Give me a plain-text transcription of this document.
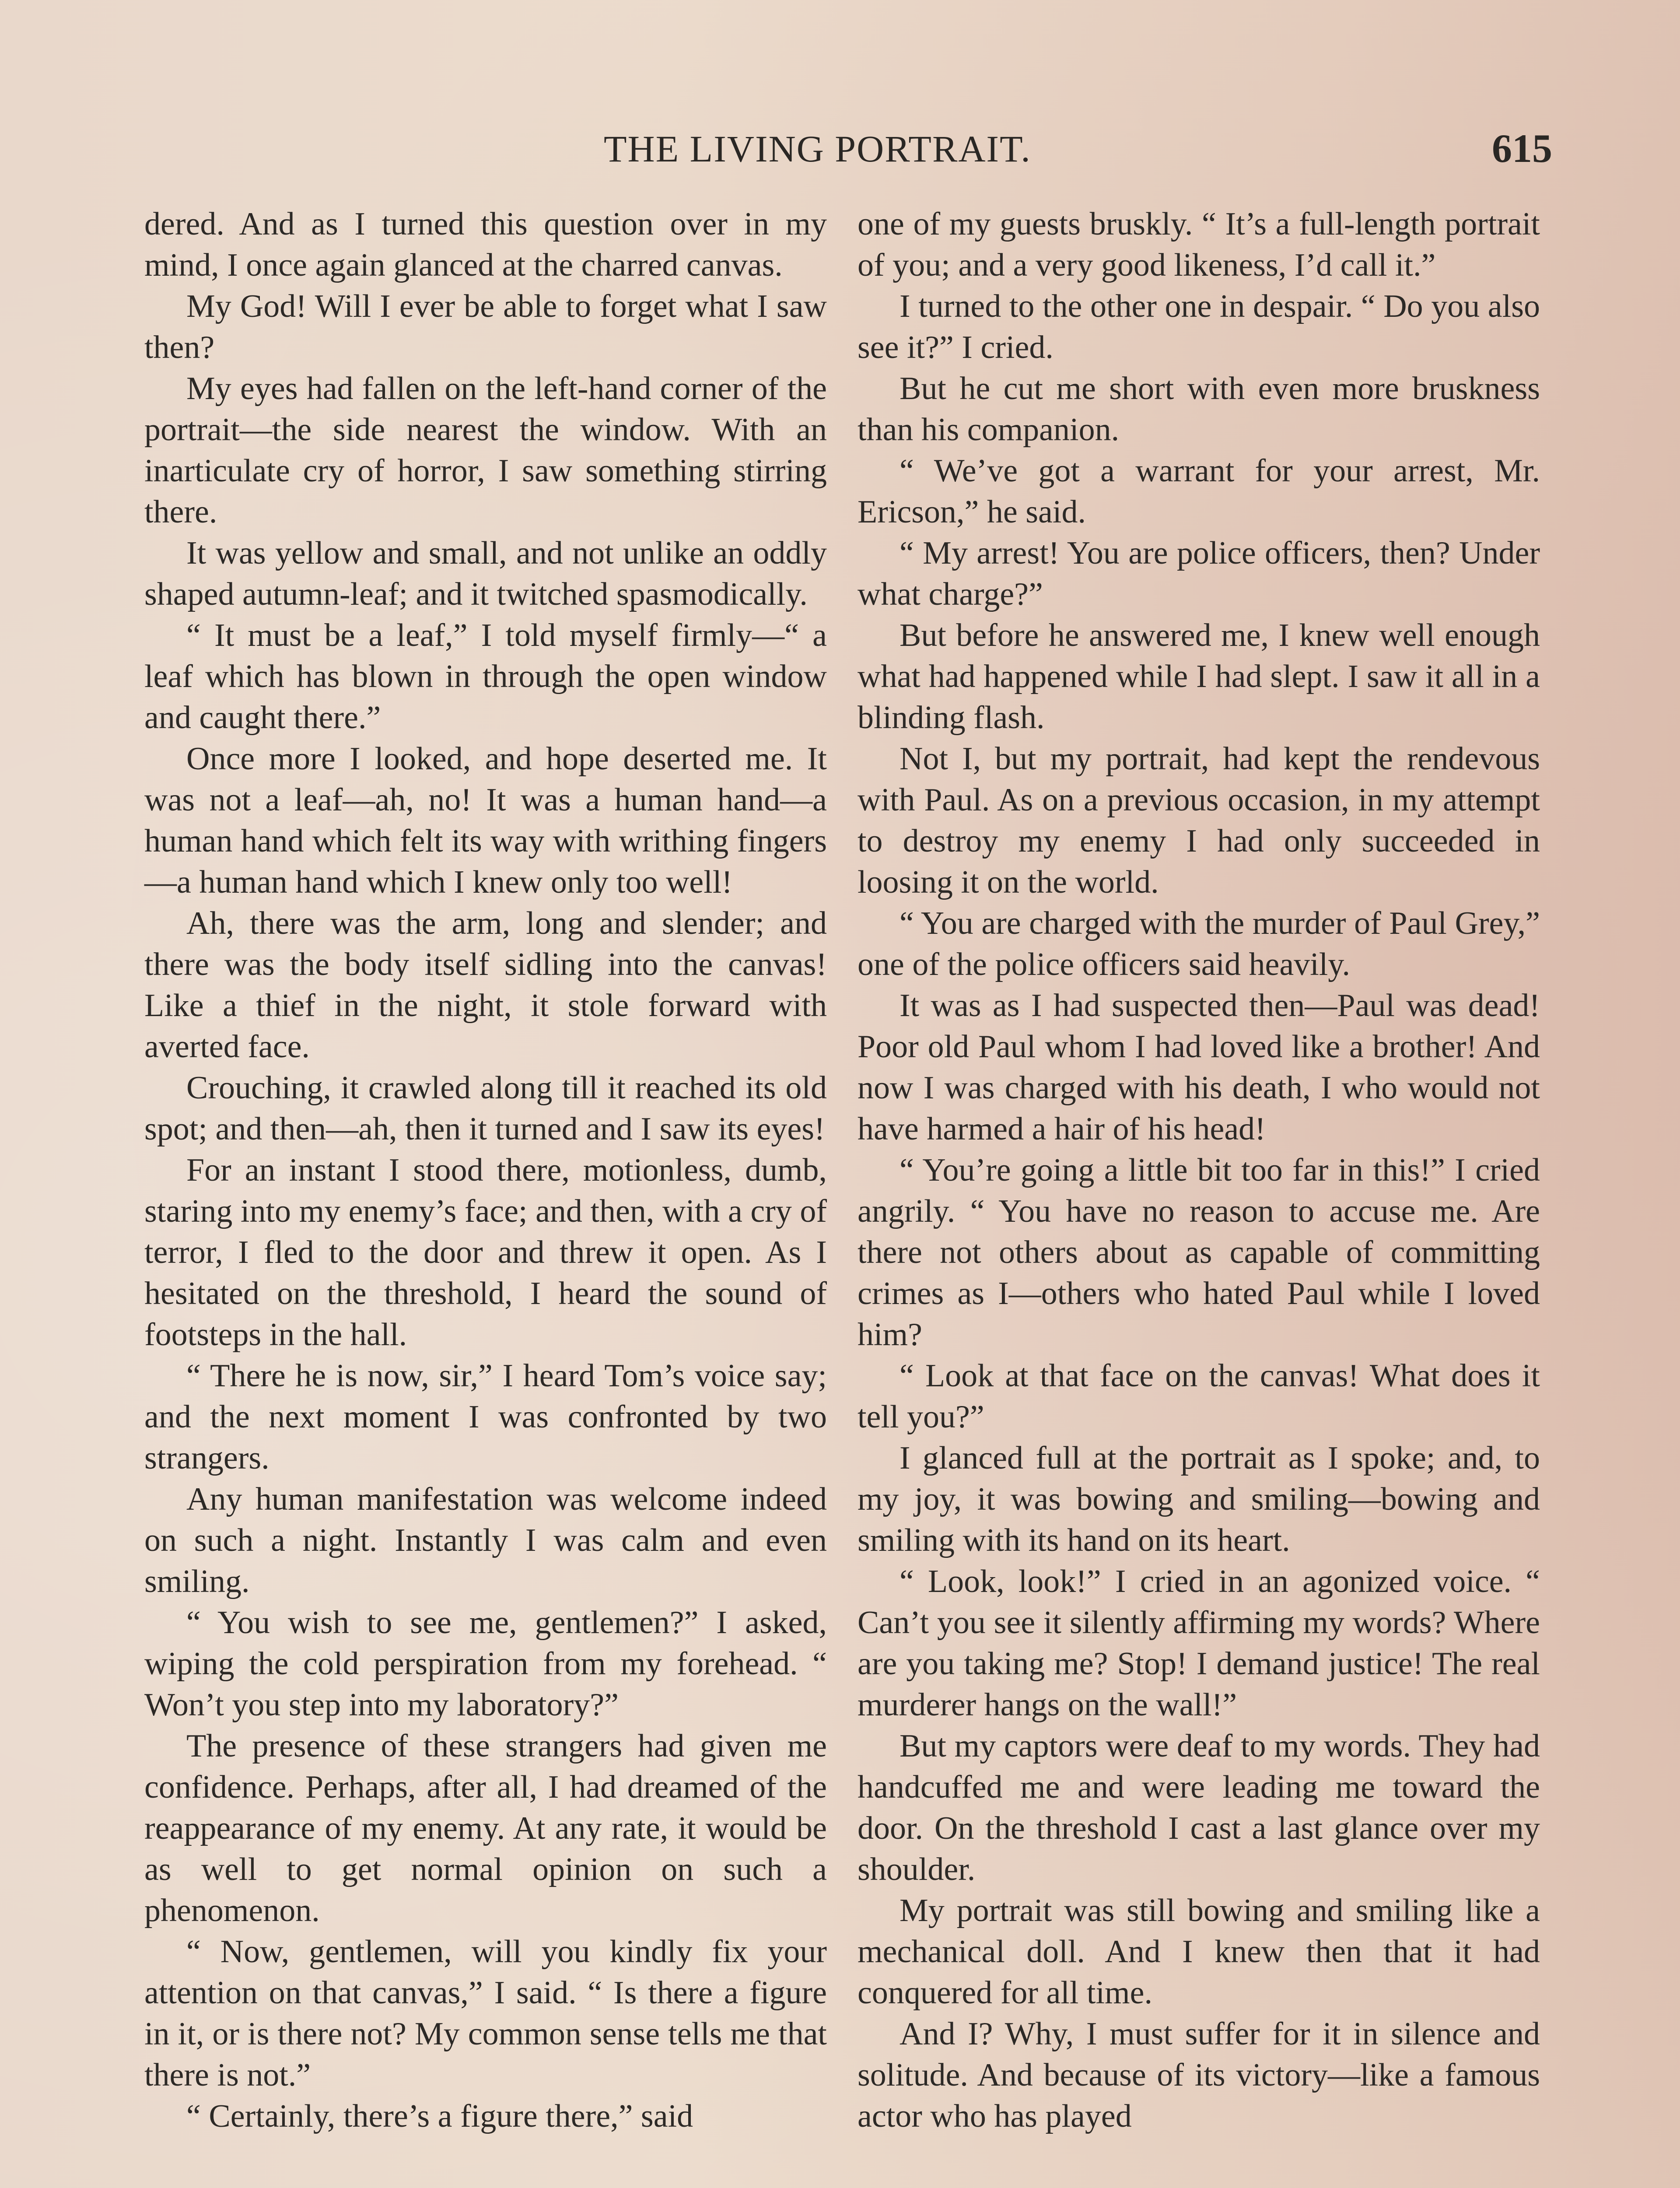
THE LIVING PORTRAIT.	615

dered. And as I turned this question over in my mind, I once again glanced at the charred canvas.

My God! Will I ever be able to forget what I saw then?

My eyes had fallen on the left-hand corner of the portrait—the side nearest the window. With an inarticulate cry of horror, I saw something stirring there.

It was yellow and small, and not unlike an oddly shaped autumn-leaf; and it twitched spasmodically.

“ It must be a leaf,” I told myself firmly—“ a leaf which has blown in through the open window and caught there.”

Once more I looked, and hope deserted me. It was not a leaf—ah, no! It was a human hand—a human hand which felt its way with writhing fingers—a human hand which I knew only too well!

Ah, there was the arm, long and slender; and there was the body itself sidling into the canvas! Like a thief in the night, it stole forward with averted face.

Crouching, it crawled along till it reached its old spot; and then—ah, then it turned and I saw its eyes!

For an instant I stood there, motionless, dumb, staring into my enemy’s face; and then, with a cry of terror, I fled to the door and threw it open. As I hesitated on the threshold, I heard the sound of footsteps in the hall.

“ There he is now, sir,” I heard Tom’s voice say; and the next moment I was confronted by two strangers.

Any human manifestation was welcome indeed on such a night. Instantly I was calm and even smiling.

“ You wish to see me, gentlemen?” I asked, wiping the cold perspiration from my forehead. “ Won’t you step into my laboratory?”

The presence of these strangers had given me confidence. Perhaps, after all, I had dreamed of the reappearance of my enemy. At any rate, it would be as well to get normal opinion on such a phenomenon.

“ Now, gentlemen, will you kindly fix your attention on that canvas,” I said. “ Is there a figure in it, or is there not? My common sense tells me that there is not.”

“ Certainly, there’s a figure there,” said

one of my guests bruskly. “ It’s a full-length portrait of you; and a very good likeness, I’d call it.”

I turned to the other one in despair. “ Do you also see it?” I cried.

But he cut me short with even more bruskness than his companion.

“ We’ve got a warrant for your arrest, Mr. Ericson,” he said.

“ My arrest! You are police officers, then? Under what charge?”

But before he answered me, I knew well enough what had happened while I had slept. I saw it all in a blinding flash.

Not I, but my portrait, had kept the rendevous with Paul. As on a previous occasion, in my attempt to destroy my enemy I had only succeeded in loosing it on the world.

“ You are charged with the murder of Paul Grey,” one of the police officers said heavily.

It was as I had suspected then—Paul was dead! Poor old Paul whom I had loved like a brother! And now I was charged with his death, I who would not have harmed a hair of his head!

“ You’re going a little bit too far in this!” I cried angrily. “ You have no reason to accuse me. Are there not others about as capable of committing crimes as I—others who hated Paul while I loved him?

“ Look at that face on the canvas! What does it tell you?”

I glanced full at the portrait as I spoke; and, to my joy, it was bowing and smiling—bowing and smiling with its hand on its heart.

“ Look, look!” I cried in an agonized voice. “ Can’t you see it silently affirming my words? Where are you taking me? Stop! I demand justice! The real murderer hangs on the wall!”

But my captors were deaf to my words. They had handcuffed me and were leading me toward the door. On the threshold I cast a last glance over my shoulder.

My portrait was still bowing and smiling like a mechanical doll. And I knew then that it had conquered for all time.

And I? Why, I must suffer for it in silence and solitude. And because of its victory—like a famous actor who has played
